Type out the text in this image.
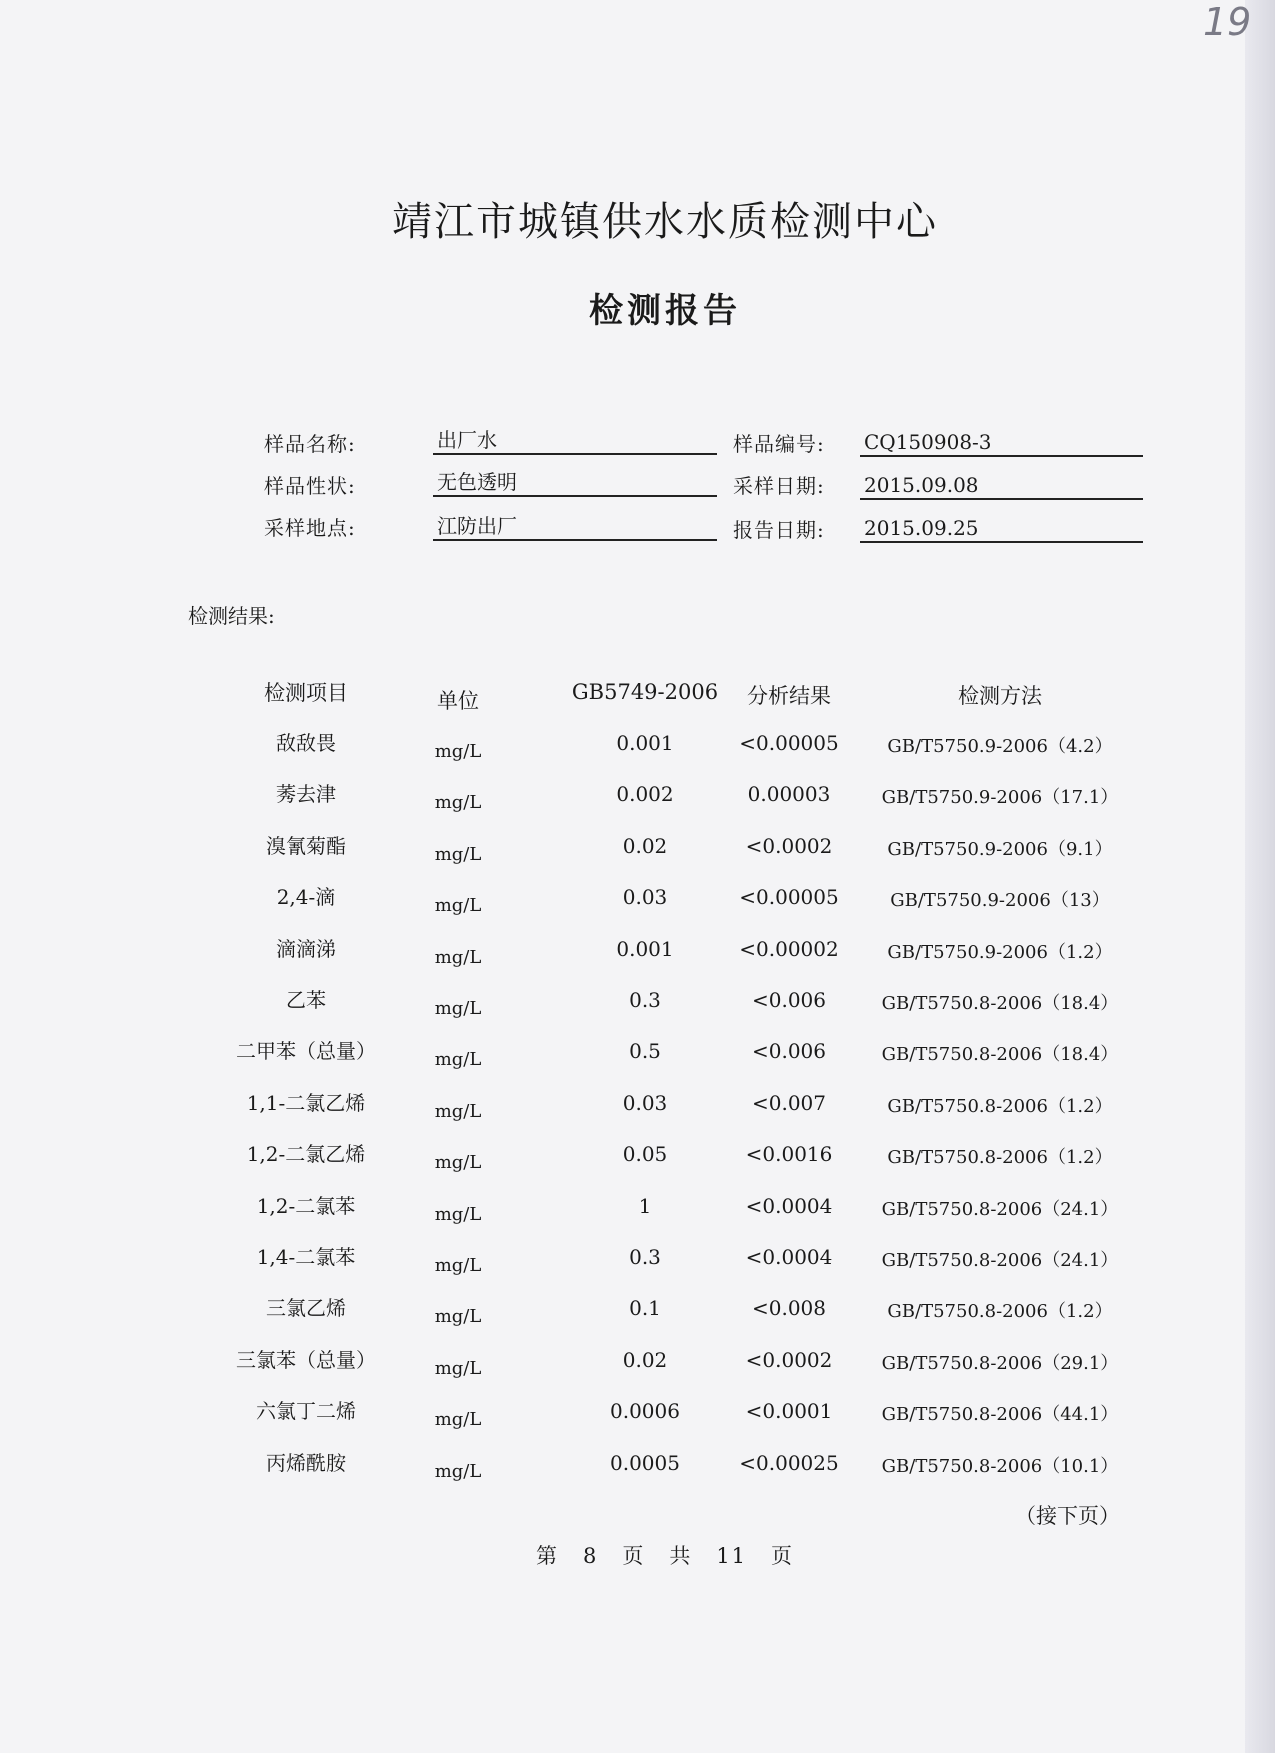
19
靖江市城镇供水水质检测中心
检测报告
样品名称:	出厂水	样品编号: CQ150908-3
样品性状:	无色透明	采样日期: 2015.09.08
采样地点:	江防出厂	报告日期: 2015.09.25
检测结果:
检测项目	单位	GB5749-2006	分析结果	检测方法
敌敌畏	mg/L	0.001	<0.00005	GB/T5750.9-2006（4.2）
莠去津	mg/L	0.002	0.00003	GB/T5750.9-2006（17.1）
溴氰菊酯	mg/L	0.02	<0.0002	GB/T5750.9-2006（9.1）
2,4-滴	mg/L	0.03	<0.00005	GB/T5750.9-2006（13）
滴滴涕	mg/L	0.001	<0.00002	GB/T5750.9-2006（1.2）
乙苯	mg/L	0.3	<0.006	GB/T5750.8-2006（18.4）
二甲苯（总量）	mg/L	0.5	<0.006	GB/T5750.8-2006（18.4）
1,1-二氯乙烯	mg/L	0.03	<0.007	GB/T5750.8-2006（1.2）
1,2-二氯乙烯	mg/L	0.05	<0.0016	GB/T5750.8-2006（1.2）
1,2-二氯苯	mg/L	1	<0.0004	GB/T5750.8-2006（24.1）
1,4-二氯苯	mg/L	0.3	<0.0004	GB/T5750.8-2006（24.1）
三氯乙烯	mg/L	0.1	<0.008	GB/T5750.8-2006（1.2）
三氯苯（总量）	mg/L	0.02	<0.0002	GB/T5750.8-2006（29.1）
六氯丁二烯	mg/L	0.0006	<0.0001	GB/T5750.8-2006（44.1）
丙烯酰胺	mg/L	0.0005	<0.00025	GB/T5750.8-2006（10.1）
（接下页）
第 8 页 共 11 页
